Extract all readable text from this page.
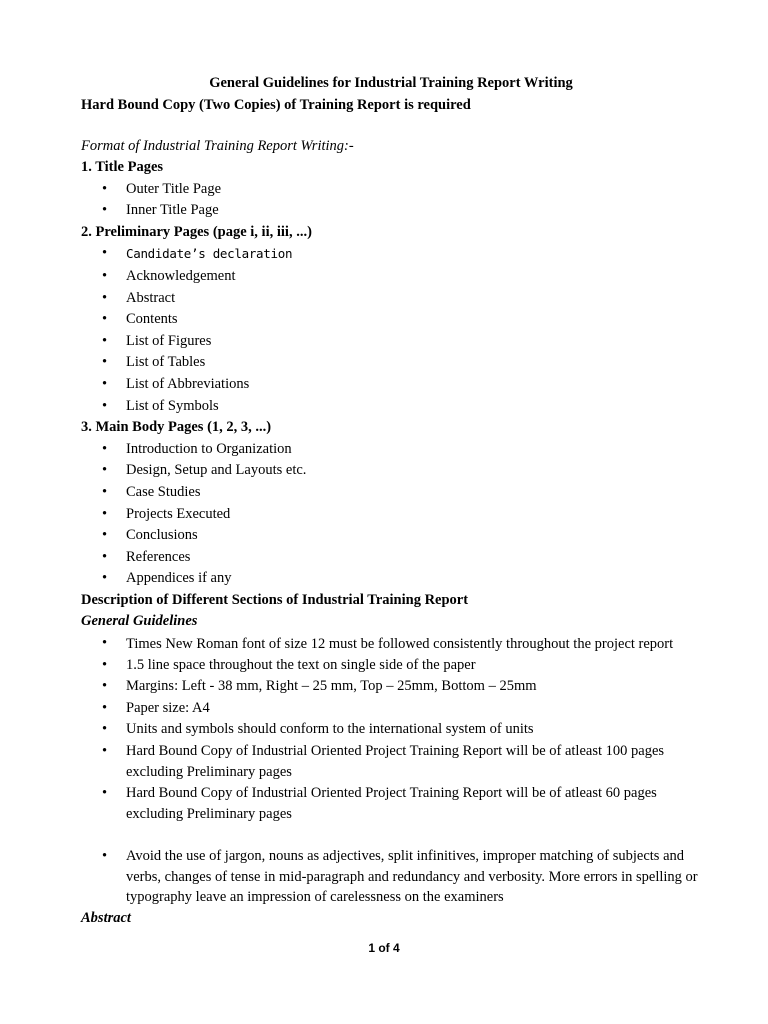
General Guidelines for Industrial Training Report Writing

Hard Bound Copy (Two Copies) of Training Report is required

Format of Industrial Training Report Writing:-

1. Title Pages

• Outer Title Page
• Inner Title Page

2. Preliminary Pages (page i, ii, iii, ...)

• Candidate’s declaration
• Acknowledgement
• Abstract
• Contents
• List of Figures
• List of Tables
• List of Abbreviations
• List of Symbols

3. Main Body Pages (1, 2, 3, ...)

• Introduction to Organization
• Design, Setup and Layouts etc.
• Case Studies
• Projects Executed
• Conclusions
• References
• Appendices if any

Description of Different Sections of Industrial Training Report

General Guidelines

• Times New Roman font of size 12 must be followed consistently throughout the project report
• 1.5 line space throughout the text on single side of the paper
• Margins: Left - 38 mm, Right – 25 mm, Top – 25mm, Bottom – 25mm
• Paper size: A4
• Units and symbols should conform to the international system of units
• Hard Bound Copy of Industrial Oriented Project Training Report will be of atleast 100 pages excluding Preliminary pages
• Hard Bound Copy of Industrial Oriented Project Training Report will be of atleast 60 pages excluding Preliminary pages
• Avoid the use of jargon, nouns as adjectives, split infinitives, improper matching of subjects and verbs, changes of tense in mid-paragraph and redundancy and verbosity. More errors in spelling or typography leave an impression of carelessness on the examiners

Abstract

1 of 4
